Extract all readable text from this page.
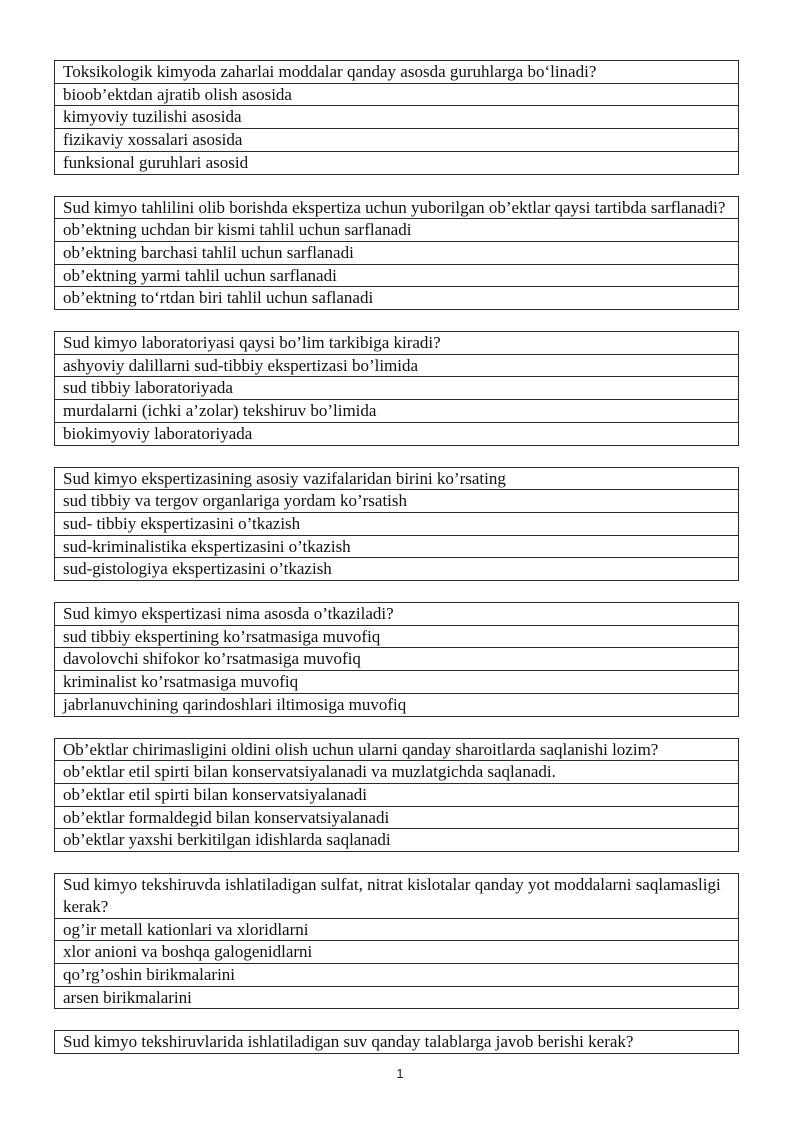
Toksikologik kimyoda zaharlai moddalar qanday asosda guruhlarga bo‘linadi?
bioob’ektdan ajratib olish asosida
kimyoviy tuzilishi asosida
fizikaviy xossalari asosida
funksional guruhlari asosid
Sud kimyo tahlilini olib borishda ekspertiza uchun yuborilgan ob’ektlar qaysi tartibda sarflanadi?
ob’ektning uchdan bir kismi tahlil uchun sarflanadi
ob’ektning barchasi tahlil uchun sarflanadi
ob’ektning yarmi tahlil uchun sarflanadi
ob’ektning to‘rtdan biri tahlil uchun saflanadi
Sud kimyo laboratoriyasi qaysi bo’lim tarkibiga kiradi?
ashyoviy dalillarni sud-tibbiy ekspertizasi bo’limida
sud tibbiy laboratoriyada
murdalarni (ichki a’zolar) tekshiruv bo’limida
biokimyoviy laboratoriyada
Sud kimyo ekspertizasining asosiy vazifalaridan birini ko’rsating
sud tibbiy va tergov organlariga yordam ko’rsatish
sud- tibbiy ekspertizasini o’tkazish
sud-kriminalistika ekspertizasini o’tkazish
sud-gistologiya ekspertizasini o’tkazish
Sud kimyo ekspertizasi nima asosda o’tkaziladi?
sud tibbiy ekspertining ko’rsatmasiga muvofiq
davolovchi shifokor ko’rsatmasiga muvofiq
kriminalist ko’rsatmasiga muvofiq
jabrlanuvchining qarindoshlari iltimosiga muvofiq
Ob’ektlar chirimasligini oldini olish uchun ularni qanday sharoitlarda saqlanishi lozim?
ob’ektlar etil spirti bilan konservatsiyalanadi va muzlatgichda saqlanadi.
ob’ektlar etil spirti bilan konservatsiyalanadi
ob’ektlar formaldegid bilan konservatsiyalanadi
ob’ektlar yaxshi berkitilgan idishlarda saqlanadi
Sud kimyo tekshiruvda ishlatiladigan sulfat, nitrat kislotalar qanday yot moddalarni saqlamasligi kerak?
og’ir metall kationlari va xloridlarni
xlor anioni va boshqa galogenidlarni
qo’rg’oshin birikmalarini
arsen birikmalarini
Sud kimyo tekshiruvlarida ishlatiladigan suv qanday talablarga javob berishi kerak?
1
